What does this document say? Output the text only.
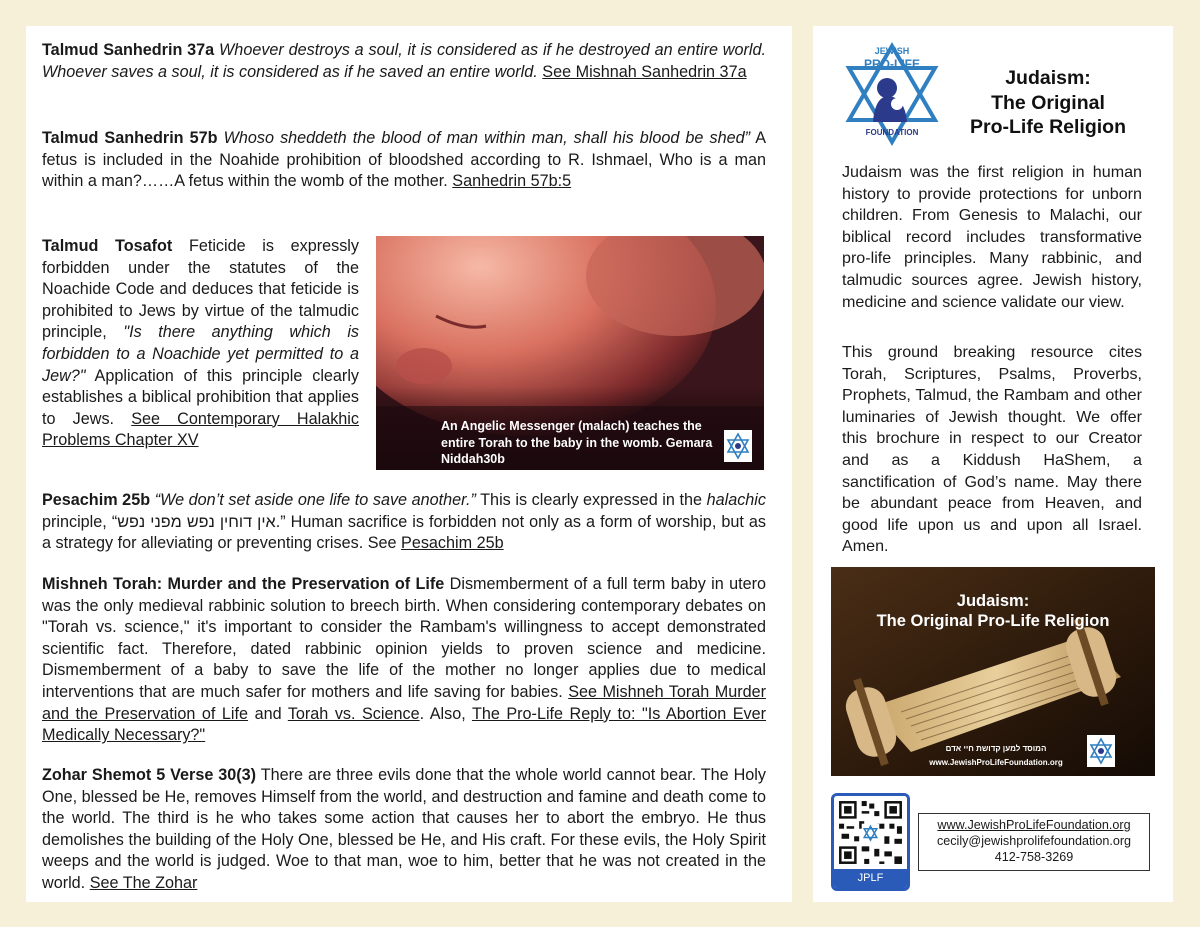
Talmud Sanhedrin 37a Whoever destroys a soul, it is considered as if he destroyed an entire world. Whoever saves a soul, it is considered as if he saved an entire world. See Mishnah Sanhedrin 37a
Talmud Sanhedrin 57b Whoso sheddeth the blood of man within man, shall his blood be shed” A fetus is included in the Noahide prohibition of bloodshed according to R. Ishmael, Who is a man within a man?……A fetus within the womb of the mother. Sanhedrin 57b:5
Talmud Tosafot Feticide is expressly forbidden under the statutes of the Noachide Code and deduces that feticide is prohibited to Jews by virtue of the talmudic principle, "Is there anything which is forbidden to a Noachide yet permitted to a Jew?" Application of this principle clearly establishes a biblical prohibition that applies to Jews. See Contemporary Halakhic Problems Chapter XV
An Angelic Messenger (malach) teaches the entire Torah to the baby in the womb. Gemara Niddah30b
Pesachim 25b “We don’t set aside one life to save another.” This is clearly expressed in the halachic principle, “אין דוחין נפש מפני נפש.” Human sacrifice is forbidden not only as a form of worship, but as a strategy for alleviating or preventing crises. See Pesachim 25b
Mishneh Torah: Murder and the Preservation of Life Dismemberment of a full term baby in utero was the only medieval rabbinic solution to breech birth. When considering contemporary debates on "Torah vs. science," it's important to consider the Rambam's willingness to accept demonstrated scientific fact. Therefore, dated rabbinic opinion yields to proven science and medicine. Dismemberment of a baby to save the life of the mother no longer applies due to medical interventions that are much safer for mothers and life saving for babies. See Mishneh Torah Murder and the Preservation of Life and Torah vs. Science. Also, The Pro-Life Reply to: "Is Abortion Ever Medically Necessary?"
Zohar Shemot 5 Verse 30(3) There are three evils done that the whole world cannot bear. The Holy One, blessed be He, removes Himself from the world, and destruction and famine and death come to the world. The third is he who takes some action that causes her to abort the embryo. He thus demolishes the building of the Holy One, blessed be He, and His craft. For these evils, the Holy Spirit weeps and the world is judged. Woe to that man, woe to him, better that he was not created in the world. See The Zohar
JEWISH
PRO-LIFE
FOUNDATION
Judaism:
The Original
Pro-Life Religion
Judaism was the first religion in human history to provide protections for unborn children. From Genesis to Malachi, our biblical record includes transformative pro-life principles. Many rabbinic, and talmudic sources agree. Jewish history, medicine and science validate our view.
This ground breaking resource cites Torah, Scriptures, Psalms, Proverbs, Prophets, Talmud, the Rambam and other luminaries of Jewish thought. We offer this brochure in respect to our Creator and as a Kiddush HaShem, a sanctification of God’s name. May there be abundant peace from Heaven, and good life upon us and upon all Israel. Amen.
Judaism:
The Original Pro-Life Religion
המוסד למען קדושת חיי אדם
www.JewishProLifeFoundation.org
JPLF
www.JewishProLifeFoundation.org
cecily@jewishprolifefoundation.org
412-758-3269
